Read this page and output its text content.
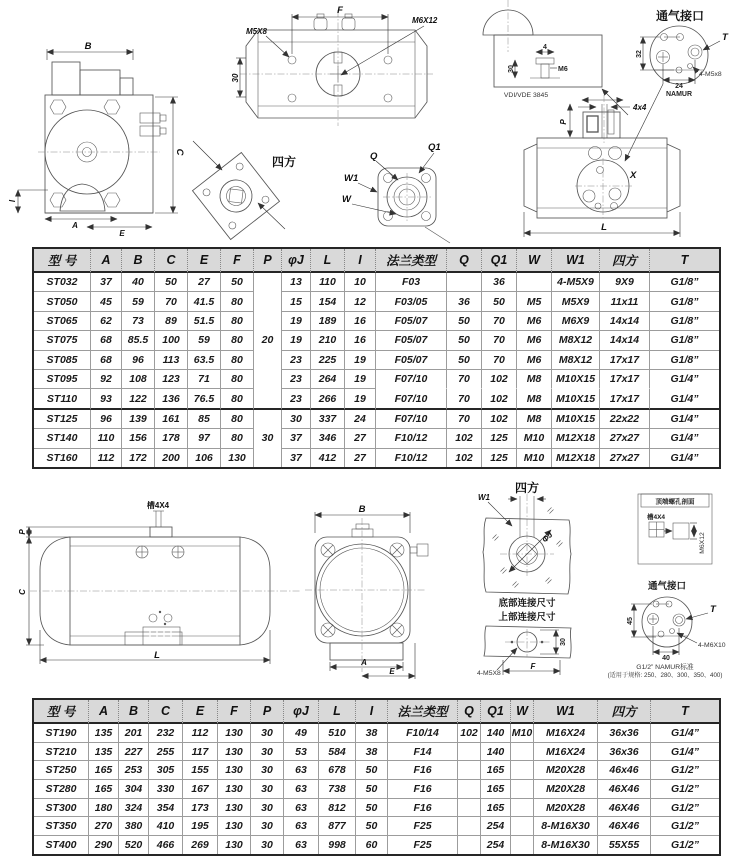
B
C
A
E
I
F
M5X8
M6X12
30
四方	Q
Q1
W1
W
4
M6
30
VDI/VDE 3845
通气接口
32
24
T
4-M5x8
NAMUR
4x4
P
X
L
型 号	A	B	C	E	F	P	φJ	L	I	法兰类型	Q	Q1	W	W1	四方	T
ST032	37	40	50	27	50	20	13	110	10	F03		36		4-M5X9	9X9	G1/8”
ST050	45	59	70	41.5	80		15	154	12	F03/05	36	50	M5	M5X9	11x11	G1/8”
ST065	62	73	89	51.5	80		19	189	16	F05/07	50	70	M6	M6X9	14x14	G1/8”
ST075	68	85.5	100	59	80		19	210	16	F05/07	50	70	M6	M8X12	14x14	G1/8”
ST085	68	96	113	63.5	80		23	225	19	F05/07	50	70	M6	M8X12	17x17	G1/8”
ST095	92	108	123	71	80		23	264	19	F07/10	70	102	M8	M10X15	17x17	G1/4”
ST110	93	122	136	76.5	80		23	266	19	F07/10	70	102	M8	M10X15	17x17	G1/4”
ST125	96	139	161	85	80	30	30	337	24	F07/10	70	102	M8	M10X15	22x22	G1/4”
ST140	110	156	178	97	80		37	346	27	F10/12	102	125	M10	M12X18	27x27	G1/4”
ST160	112	172	200	106	130		37	412	27	F10/12	102	125	M10	M12X18	27x27	G1/4”
槽4X4
P
C
L
B
A
E
四方
ΦJ
W1
底部连接尺寸
上部连接尺寸
30
4-M5X8
F
顶端螺孔剖面
槽4X4
M6X12
通气接口
45
40
T
4-M6X10
G1/2” NAMUR标准
(适用于规格: 250、280、300、350、400)
型 号	A	B	C	E	F	P	φJ	L	I	法兰类型	Q	Q1	W	W1	四方	T
ST190	135	201	232	112	130	30	49	510	38	F10/14	102	140	M10	M16X24	36x36	G1/4”
ST210	135	227	255	117	130	30	53	584	38	F14		140		M16X24	36x36	G1/4”
ST250	165	253	305	155	130	30	63	678	50	F16		165		M20X28	46x46	G1/2”
ST280	165	304	330	167	130	30	63	738	50	F16		165		M20X28	46X46	G1/2”
ST300	180	324	354	173	130	30	63	812	50	F16		165		M20X28	46X46	G1/2”
ST350	270	380	410	195	130	30	63	877	50	F25		254		8-M16X30	46X46	G1/2”
ST400	290	520	466	269	130	30	63	998	60	F25		254		8-M16X30	55X55	G1/2”
